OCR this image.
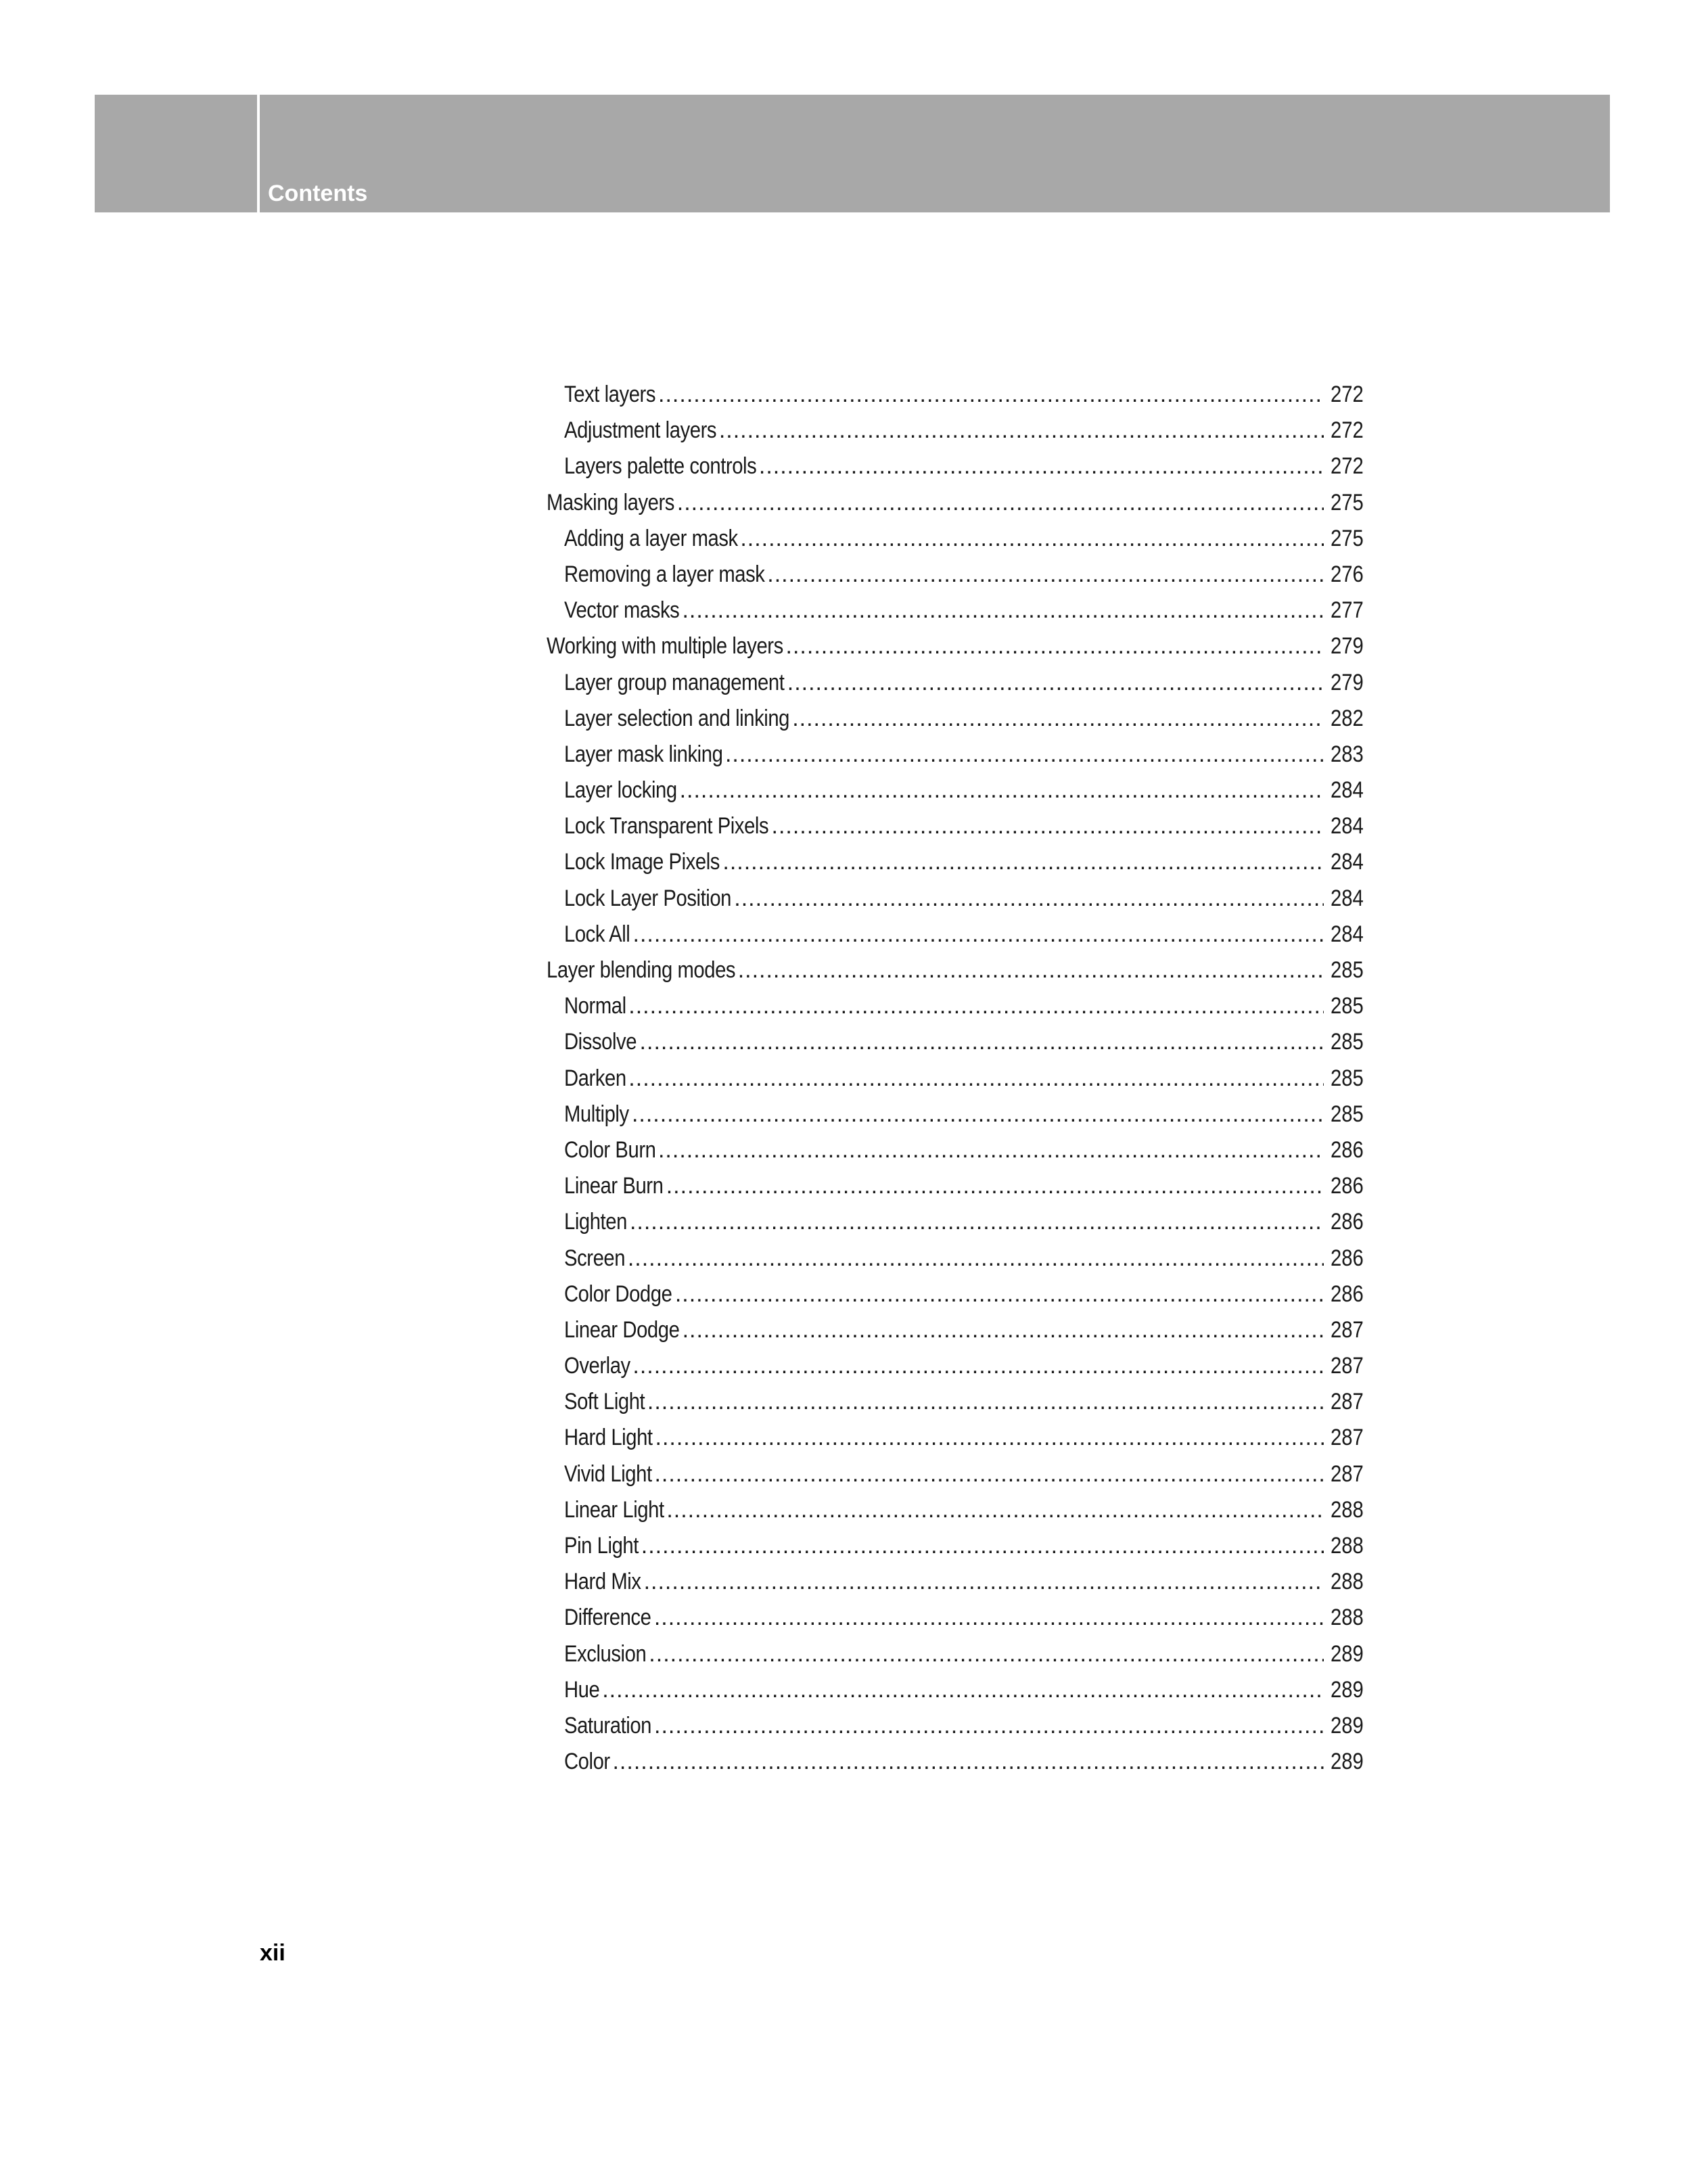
Contents
Text layers .....	272
Adjustment layers .....	272
Layers palette controls .....	272
Masking layers .....	275
Adding a layer mask .....	275
Removing a layer mask .....	276
Vector masks .....	277
Working with multiple layers .....	279
Layer group management .....	279
Layer selection and linking .....	282
Layer mask linking .....	283
Layer locking .....	284
Lock Transparent Pixels .....	284
Lock Image Pixels .....	284
Lock Layer Position .....	284
Lock All .....	284
Layer blending modes .....	285
Normal .....	285
Dissolve .....	285
Darken .....	285
Multiply .....	285
Color Burn .....	286
Linear Burn .....	286
Lighten .....	286
Screen .....	286
Color Dodge .....	286
Linear Dodge .....	287
Overlay .....	287
Soft Light .....	287
Hard Light .....	287
Vivid Light .....	287
Linear Light .....	288
Pin Light .....	288
Hard Mix .....	288
Difference .....	288
Exclusion .....	289
Hue .....	289
Saturation .....	289
Color .....	289
xii
